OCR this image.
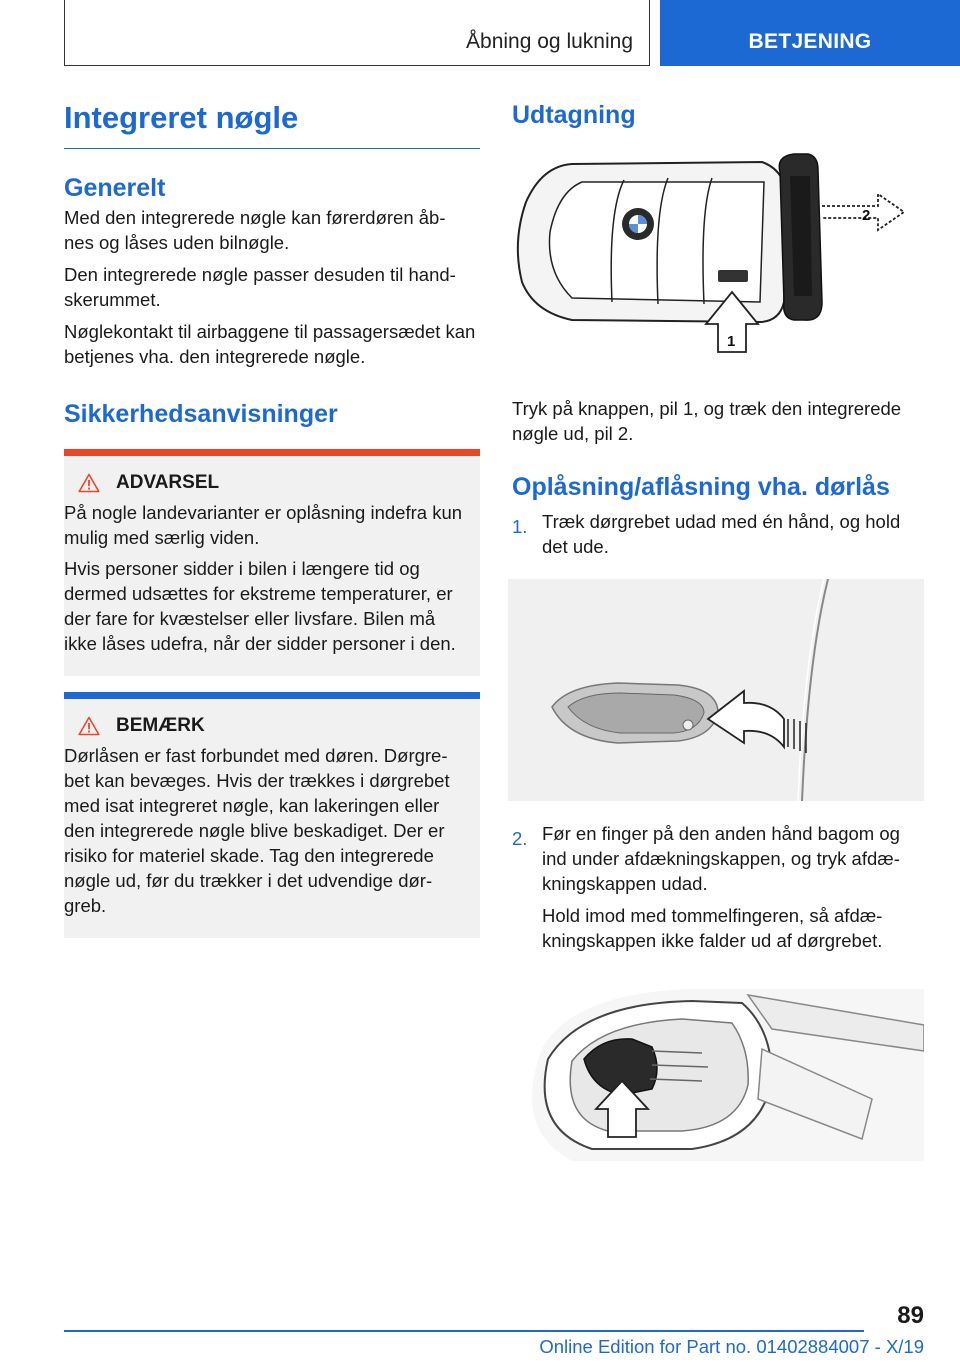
Åbning og lukning	BETJENING
Integreret nøgle
Generelt

Med den integrerede nøgle kan førerdøren åb‐ nes og låses uden bilnøgle.

Den integrerede nøgle passer desuden til hand‐ skerummet.

Nøglekontakt til airbaggene til passagersædet kan betjenes vha. den integrerede nøgle.

Sikkerhedsanvisninger
ADVARSEL

På nogle landevarianter er oplåsning indefra kun mulig med særlig viden.

Hvis personer sidder i bilen i længere tid og dermed udsættes for ekstreme temperaturer, er der fare for kvæstelser eller livsfare. Bilen må ikke låses udefra, når der sidder personer i den.

BEMÆRK

Dørlåsen er fast forbundet med døren. Dørgre‐ bet kan bevæges. Hvis der trækkes i dørgrebet med isat integreret nøgle, kan lakeringen eller den integrerede nøgle blive beskadiget. Der er risiko for materiel skade. Tag den integrerede nøgle ud, før du trækker i det udvendige dør‐ greb.

Udtagning
2
1

Tryk på knappen, pil 1, og træk den integrerede nøgle ud, pil 2.

Oplåsning/aflåsning vha. dørlås
1. Træk dørgrebet udad med én hånd, og hold det ude.

2. Før en finger på den anden hånd bagom og ind under afdækningskappen, og tryk afdæ‐ kningskappen udad.

Hold imod med tommelfingeren, så afdæ‐ kningskappen ikke falder ud af dørgrebet.

89
Online Edition for Part no. 01402884007 - X/19
